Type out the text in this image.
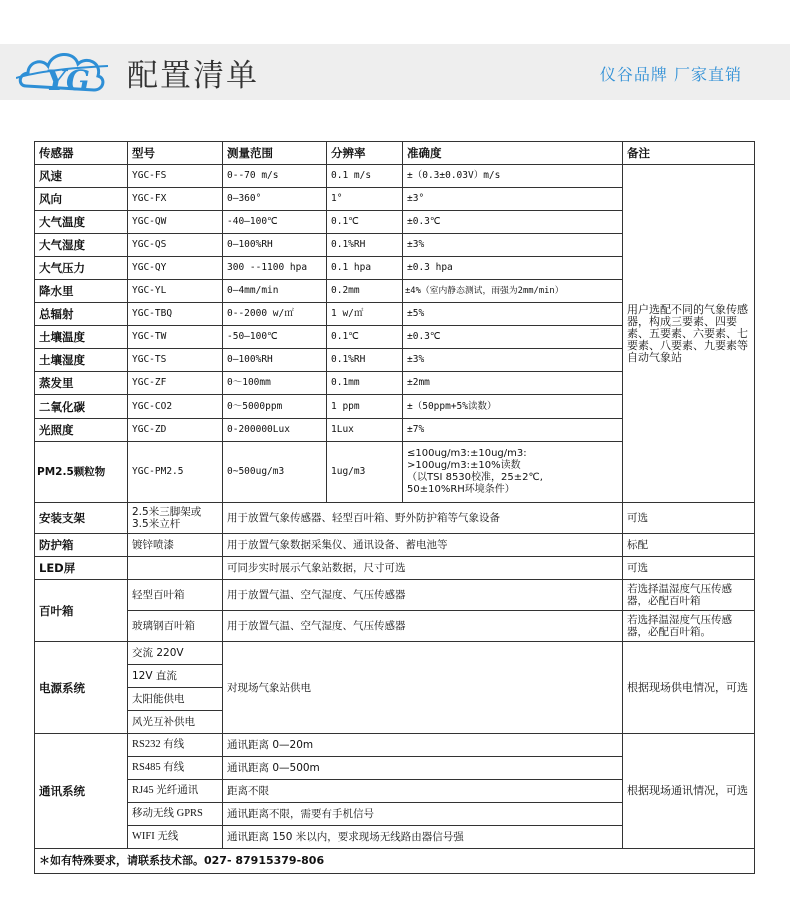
YG 配置清单	仪谷品牌 厂家直销
传感器	型号	测量范围	分辨率	准确度	备注
风速	YGC-FS	0--70 m/s	0.1 m/s	±（0.3±0.03V）m/s	用户选配不同的气象传感器，构成三要素、四要素、五要素、六要素、七要素、八要素、九要素等自动气象站
风向	YGC-FX	0—360°	1°	±3°	
大气温度	YGC-QW	-40—100℃	0.1℃	±0.3℃	
大气湿度	YGC-QS	0—100%RH	0.1%RH	±3%	
大气压力	YGC-QY	300 --1100 hpa	0.1 hpa	±0.3 hpa	
降水里	YGC-YL	0—4mm/min	0.2mm	±4%（室内静态测试，雨强为2mm/min）	
总辐射	YGC-TBQ	0--2000 w/㎡	1 w/㎡	±5%	
土壤温度	YGC-TW	-50—100℃	0.1℃	±0.3℃	
土壤湿度	YGC-TS	0—100%RH	0.1%RH	±3%	
蒸发里	YGC-ZF	0～100mm	0.1mm	±2mm	
二氧化碳	YGC-CO2	0～5000ppm	1 ppm	±（50ppm+5%读数）	
光照度	YGC-ZD	0-200000Lux	1Lux	±7%	
PM2.5颗粒物	YGC-PM2.5	0~500ug/m3	1ug/m3	≤100ug/m3:±10ug/m3:
>100ug/m3:±10%读数
（以TSI 8530校准，25±2℃,
50±10%RH环境条件）	

安装支架	2.5米三脚架或
3.5米立杆	用于放置气象传感器、轻型百叶箱、野外防护箱等气象设备			可选
防护箱	镀锌喷漆	用于放置气象数据采集仪、通讯设备、蓄电池等			标配
LED屏		可同步实时展示气象站数据，尺寸可选			可选
百叶箱	轻型百叶箱	用于放置气温、空气湿度、气压传感器			若选择温湿度气压传感器，必配百叶箱
	玻璃钢百叶箱	用于放置气温、空气湿度、气压传感器			若选择温湿度气压传感器，必配百叶箱。
电源系统	交流 220V	对现场气象站供电			根据现场供电情况，可选
	12V 直流				
	太阳能供电				
	风光互补供电				
通讯系统	RS232 有线	通讯距离 0—20m			根据现场通讯情况，可选
	RS485 有线	通讯距离 0—500m			
	RJ45 光纤通讯	距离不限			
	移动无线 GPRS	通讯距离不限，需要有手机信号			
	WIFI 无线	通讯距离 150 米以内，要求现场无线路由器信号强			
＊如有特殊要求，请联系技术部。027- 87915379-806					
